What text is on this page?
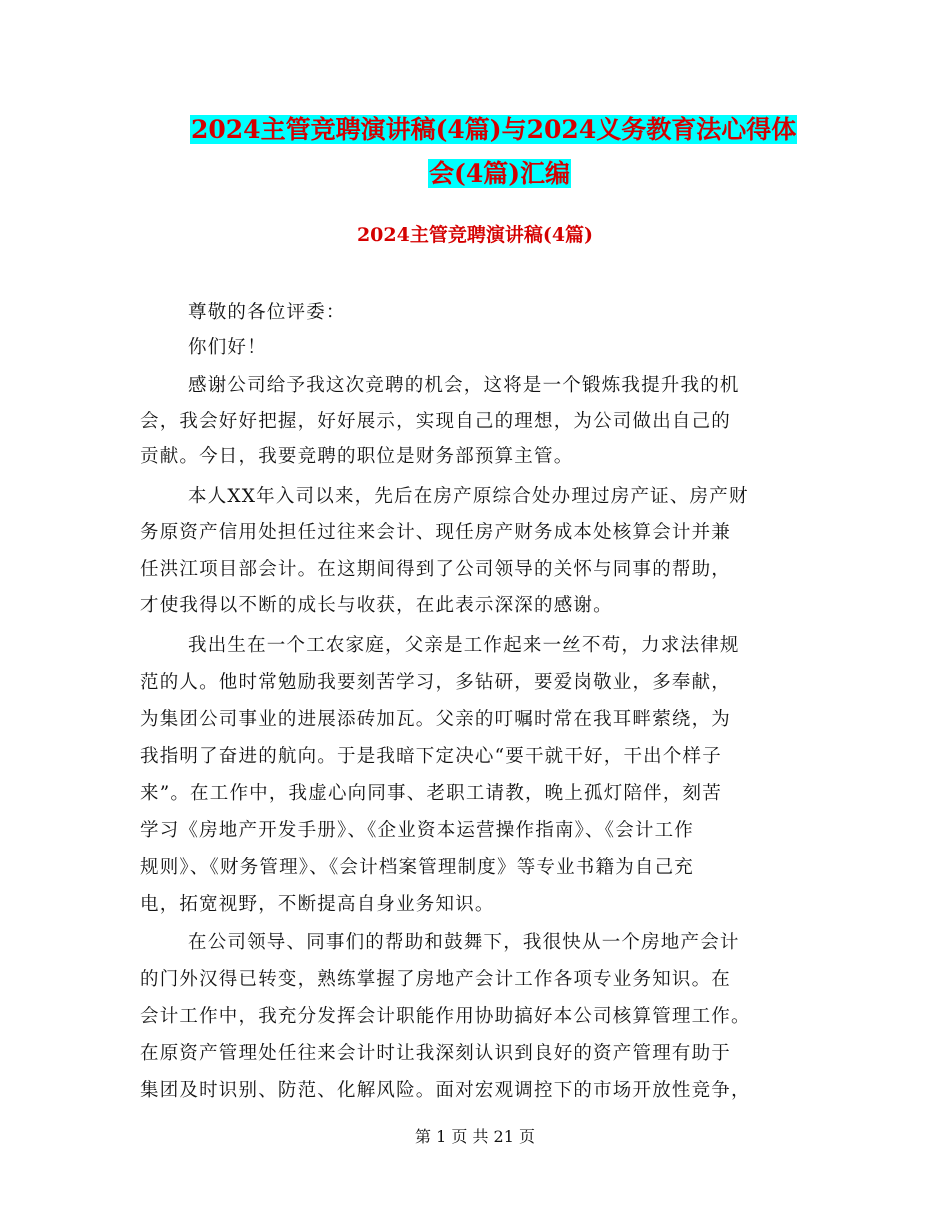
2024主管竞聘演讲稿(4篇)与2024义务教育法心得体
会(4篇)汇编
2024主管竞聘演讲稿(4篇)
尊敬的各位评委：
你们好！
感谢公司给予我这次竞聘的机会，这将是一个锻炼我提升我的机
会，我会好好把握，好好展示，实现自己的理想，为公司做出自己的
贡献。今日，我要竞聘的职位是财务部预算主管。
本人XX年入司以来，先后在房产原综合处办理过房产证、房产财
务原资产信用处担任过往来会计、现任房产财务成本处核算会计并兼
任洪江项目部会计。在这期间得到了公司领导的关怀与同事的帮助，
才使我得以不断的成长与收获，在此表示深深的感谢。
我出生在一个工农家庭，父亲是工作起来一丝不苟，力求法律规
范的人。他时常勉励我要刻苦学习，多钻研，要爱岗敬业，多奉献，
为集团公司事业的进展添砖加瓦。父亲的叮嘱时常在我耳畔萦绕，为
我指明了奋进的航向。于是我暗下定决心“要干就干好，干出个样子
来”。在工作中，我虚心向同事、老职工请教，晚上孤灯陪伴，刻苦
学习《房地产开发手册》、《企业资本运营操作指南》、《会计工作
规则》、《财务管理》、《会计档案管理制度》等专业书籍为自己充
电，拓宽视野，不断提高自身业务知识。
在公司领导、同事们的帮助和鼓舞下，我很快从一个房地产会计
的门外汉得已转变，熟练掌握了房地产会计工作各项专业务知识。在
会计工作中，我充分发挥会计职能作用协助搞好本公司核算管理工作。
在原资产管理处任往来会计时让我深刻认识到良好的资产管理有助于
集团及时识别、防范、化解风险。面对宏观调控下的市场开放性竞争，
第 1 页 共 21 页
